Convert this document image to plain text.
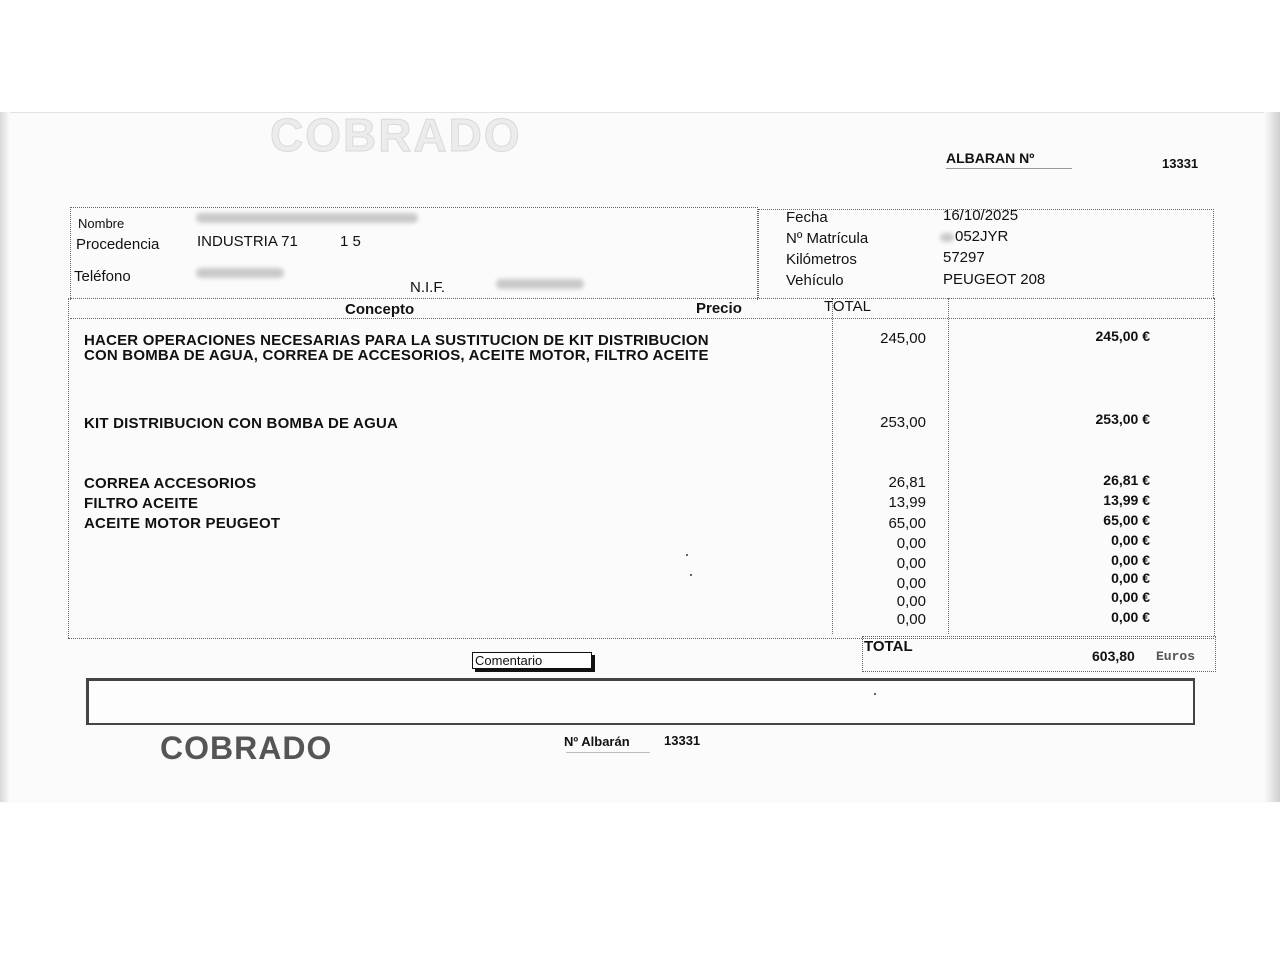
COBRADO	ALBARAN Nº	13331
Nombre
Procedencia	INDUSTRIA 71	1 5
Teléfono
N.I.F.
Fecha	16/10/2025
Nº Matrícula	052JYR
Kilómetros	57297
Vehículo	PEUGEOT 208
Concepto	Precio	TOTAL
HACER OPERACIONES NECESARIAS PARA LA SUSTITUCION DE KIT DISTRIBUCION
CON BOMBA DE AGUA, CORREA DE ACCESORIOS, ACEITE MOTOR, FILTRO ACEITE
245,00	245,00 €
KIT DISTRIBUCION CON BOMBA DE AGUA	253,00	253,00 €
CORREA ACCESORIOS	26,81	26,81 €
FILTRO ACEITE	13,99	13,99 €
ACEITE MOTOR PEUGEOT	65,00	65,00 €
0,00	0,00 €
0,00	0,00 €
0,00	0,00 €
0,00	0,00 €
0,00	0,00 €
TOTAL
603,80 Euros
Comentario
COBRADO	Nº Albarán	13331
